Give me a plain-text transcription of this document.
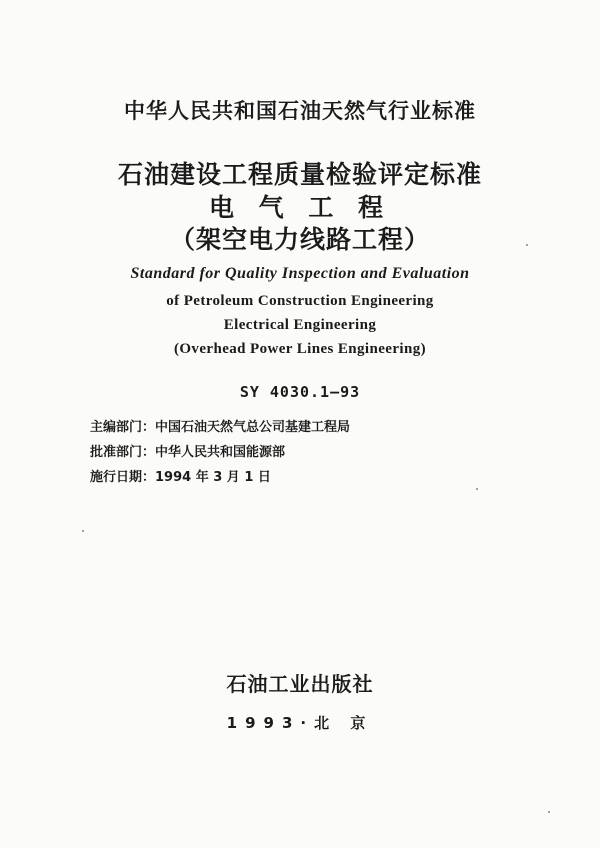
中华人民共和国石油天然气行业标准
石油建设工程质量检验评定标准
电 气 工 程
（架空电力线路工程）
Standard for Quality Inspection and Evaluation
of Petroleum Construction Engineering
Electrical Engineering
(Overhead Power Lines Engineering)
SY 4030.1—93
主编部门：中国石油天然气总公司基建工程局
批准部门：中华人民共和国能源部
施行日期：1994 年 3 月 1 日
石油工业出版社
1993·北 京
